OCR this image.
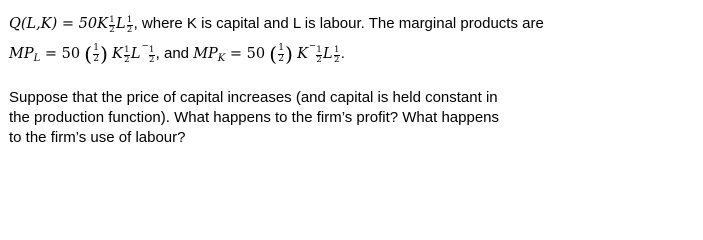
$Q(L,K) = 50K \frac{1}{2}$ L $\frac{1}{2}$ , where K is capital and L is labour. The marginal products are
$MP_L = 50$ ( $\frac{1}{2}$ ) K $\frac{1}{2} L^- \frac{1}{2}$ , and $MP_K = 50$ ( $\frac{1}{2}$ ) $K^- \frac{1}{2}$ L $\frac{1}{2}$ .
Suppose that the price of capital increases (and capital is held constant in
the production function). What happens to the firm’s profit? What happens
to the firm’s use of labour?
